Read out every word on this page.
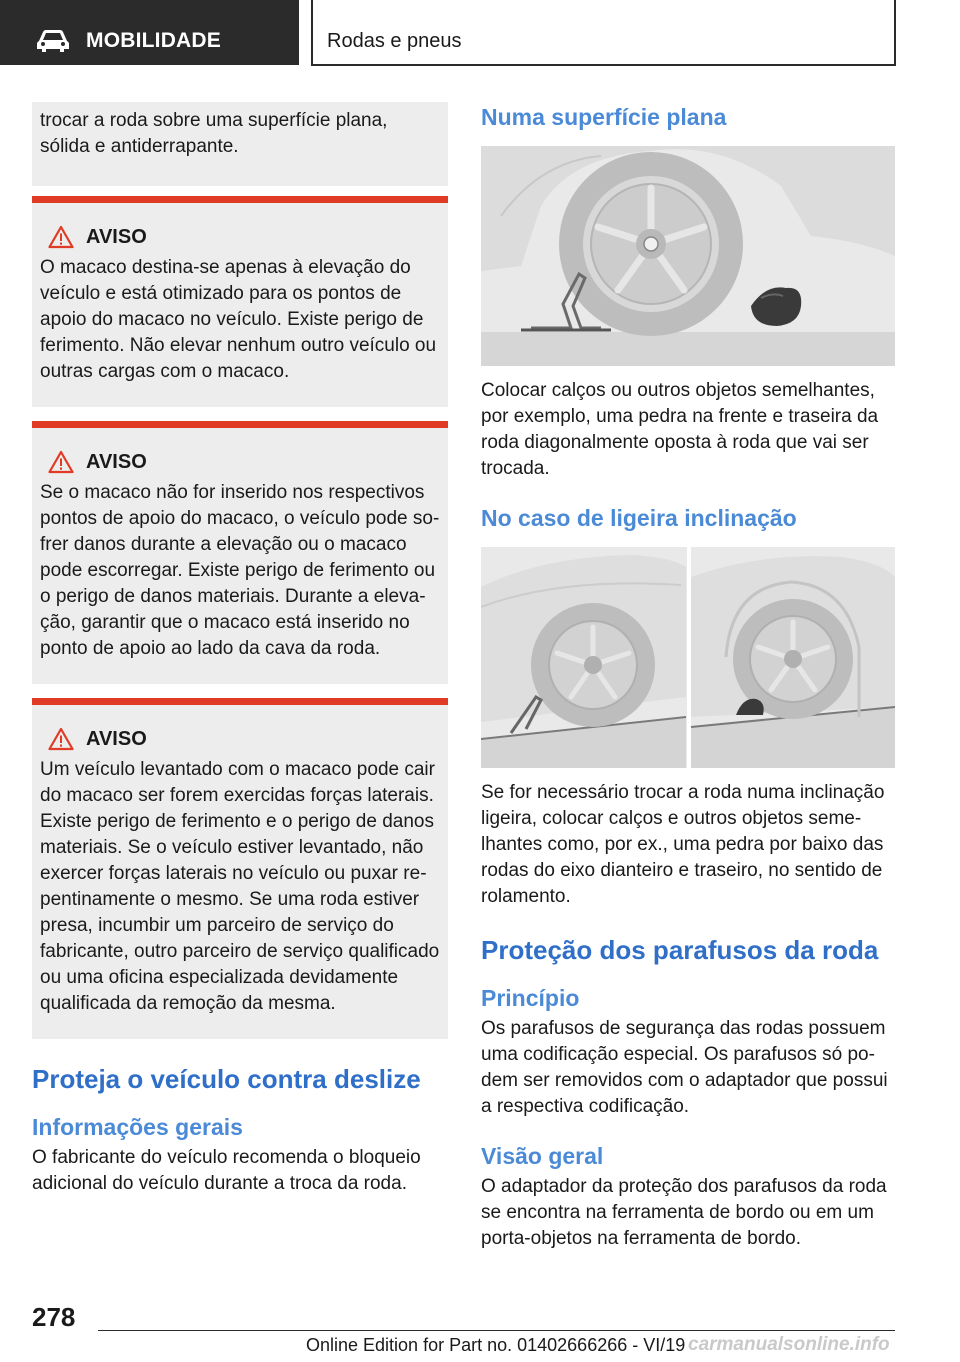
MOBILIDADE	Rodas e pneus

trocar a roda sobre uma superfície plana, sólida e antiderrapante.

AVISO

O macaco destina-se apenas à elevação do veículo e está otimizado para os pontos de apoio do macaco no veículo. Existe perigo de ferimento. Não elevar nenhum outro veículo ou outras cargas com o macaco.

AVISO

Se o macaco não for inserido nos respectivos pontos de apoio do macaco, o veículo pode sofrer danos durante a elevação ou o macaco pode escorregar. Existe perigo de ferimento ou o perigo de danos materiais. Durante a elevação, garantir que o macaco está inserido no ponto de apoio ao lado da cava da roda.

AVISO

Um veículo levantado com o macaco pode cair do macaco ser forem exercidas forças laterais. Existe perigo de ferimento e o perigo de danos materiais. Se o veículo estiver levantado, não exercer forças laterais no veículo ou puxar repentinamente o mesmo. Se uma roda estiver presa, incumbir um parceiro de serviço do fabricante, outro parceiro de serviço qualificado ou uma oficina especializada devidamente qualificada da remoção da mesma.

Proteja o veículo contra deslize
Informações gerais

O fabricante do veículo recomenda o bloqueio adicional do veículo durante a troca da roda.

Numa superfície plana

Colocar calços ou outros objetos semelhantes, por exemplo, uma pedra na frente e traseira da roda diagonalmente oposta à roda que vai ser trocada.

No caso de ligeira inclinação

Se for necessário trocar a roda numa inclinação ligeira, colocar calços e outros objetos semelhantes como, por ex., uma pedra por baixo das rodas do eixo dianteiro e traseiro, no sentido de rolamento.

Proteção dos parafusos da roda
Princípio

Os parafusos de segurança das rodas possuem uma codificação especial. Os parafusos só podem ser removidos com o adaptador que possui a respectiva codificação.

Visão geral

O adaptador da proteção dos parafusos da roda se encontra na ferramenta de bordo ou em um porta-objetos na ferramenta de bordo.

278
Online Edition for Part no. 01402666266 - VI/19 carmanualsonline.info
